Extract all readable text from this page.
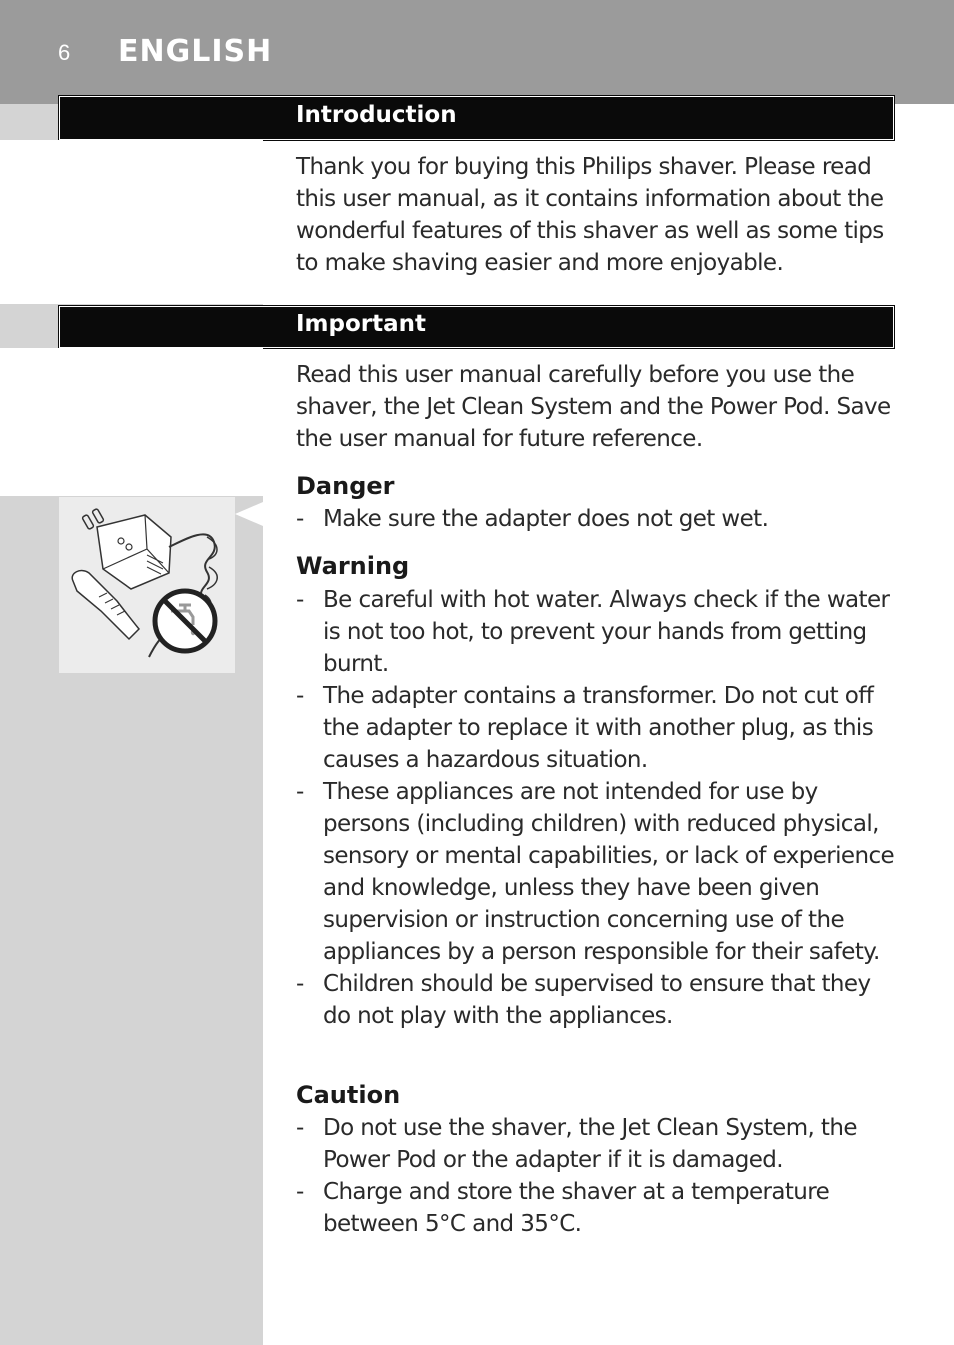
6 ENGLISH
Introduction
Thank you for buying this Philips shaver. Please read this user manual, as it contains information about the wonderful features of this shaver as well as some tips to make shaving easier and more enjoyable.
Important
Read this user manual carefully before you use the shaver, the Jet Clean System and the Power Pod. Save the user manual for future reference.
Danger
- Make sure the adapter does not get wet.
Warning
- Be careful with hot water. Always check if the water is not too hot, to prevent your hands from getting burnt.
- The adapter contains a transformer. Do not cut off the adapter to replace it with another plug, as this causes a hazardous situation.
- These appliances are not intended for use by persons (including children) with reduced physical, sensory or mental capabilities, or lack of experience and knowledge, unless they have been given supervision or instruction concerning use of the appliances by a person responsible for their safety.
- Children should be supervised to ensure that they do not play with the appliances.
Caution
- Do not use the shaver, the Jet Clean System, the Power Pod or the adapter if it is damaged.
- Charge and store the shaver at a temperature between 5°C and 35°C.
